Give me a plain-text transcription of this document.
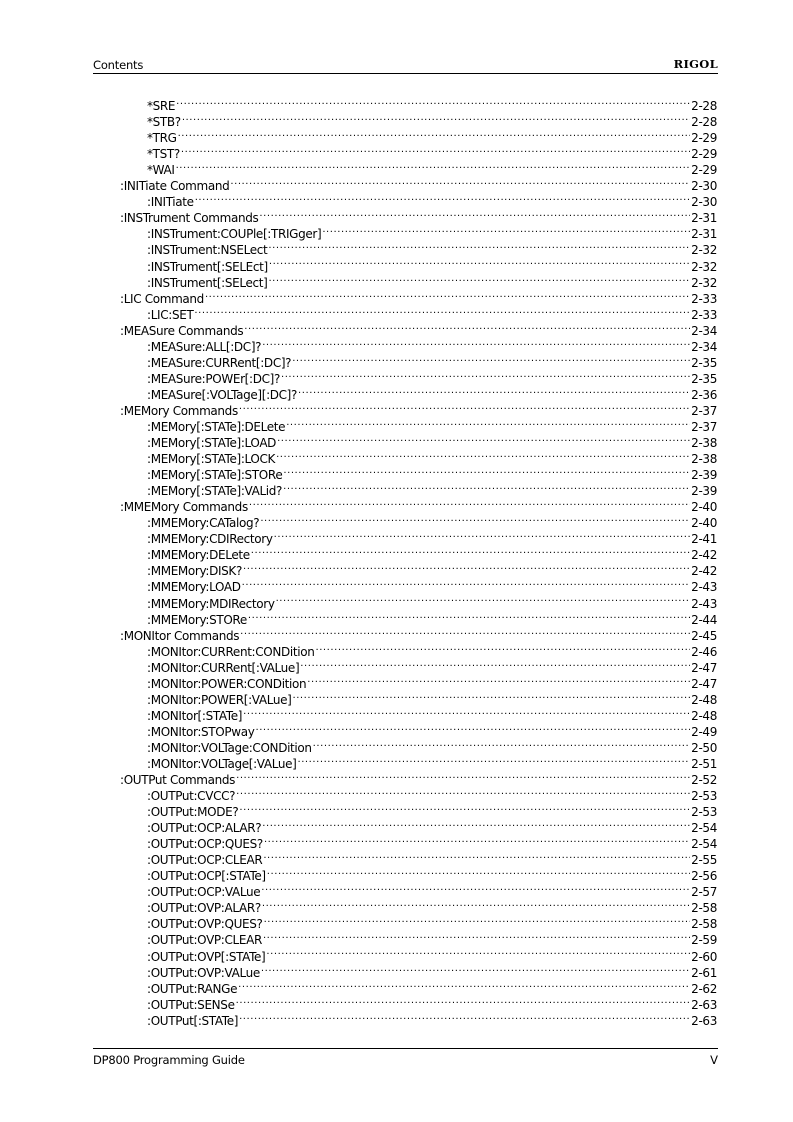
Contents	RIGOL
*SRE .....	2-28
*STB? .....	2-28
*TRG .....	2-29
*TST? .....	2-29
*WAI .....	2-29
:INITiate Command .....	2-30
:INITiate .....	2-30
:INSTrument Commands .....	2-31
:INSTrument:COUPle[:TRIGger] .....	2-31
:INSTrument:NSELect .....	2-32
:INSTrument[:SELEct] .....	2-32
:INSTrument[:SELect] .....	2-32
:LIC Command .....	2-33
:LIC:SET .....	2-33
:MEASure Commands .....	2-34
:MEASure:ALL[:DC]? .....	2-34
:MEASure:CURRent[:DC]? .....	2-35
:MEASure:POWEr[:DC]? .....	2-35
:MEASure[:VOLTage][:DC]? .....	2-36
:MEMory Commands .....	2-37
:MEMory[:STATe]:DELete .....	2-37
:MEMory[:STATe]:LOAD .....	2-38
:MEMory[:STATe]:LOCK .....	2-38
:MEMory[:STATe]:STORe .....	2-39
:MEMory[:STATe]:VALid? .....	2-39
:MMEMory Commands .....	2-40
:MMEMory:CATalog? .....	2-40
:MMEMory:CDIRectory .....	2-41
:MMEMory:DELete .....	2-42
:MMEMory:DISK? .....	2-42
:MMEMory:LOAD .....	2-43
:MMEMory:MDIRectory .....	2-43
:MMEMory:STORe .....	2-44
:MONItor Commands .....	2-45
:MONItor:CURRent:CONDition .....	2-46
:MONItor:CURRent[:VALue] .....	2-47
:MONItor:POWER:CONDition .....	2-47
:MONItor:POWER[:VALue] .....	2-48
:MONItor[:STATe] .....	2-48
:MONItor:STOPway .....	2-49
:MONItor:VOLTage:CONDition .....	2-50
:MONItor:VOLTage[:VALue] .....	2-51
:OUTPut Commands .....	2-52
:OUTPut:CVCC? .....	2-53
:OUTPut:MODE? .....	2-53
:OUTPut:OCP:ALAR? .....	2-54
:OUTPut:OCP:QUES? .....	2-54
:OUTPut:OCP:CLEAR .....	2-55
:OUTPut:OCP[:STATe] .....	2-56
:OUTPut:OCP:VALue .....	2-57
:OUTPut:OVP:ALAR? .....	2-58
:OUTPut:OVP:QUES? .....	2-58
:OUTPut:OVP:CLEAR .....	2-59
:OUTPut:OVP[:STATe] .....	2-60
:OUTPut:OVP:VALue .....	2-61
:OUTPut:RANGe .....	2-62
:OUTPut:SENSe .....	2-63
:OUTPut[:STATe] .....	2-63
DP800 Programming Guide	V
